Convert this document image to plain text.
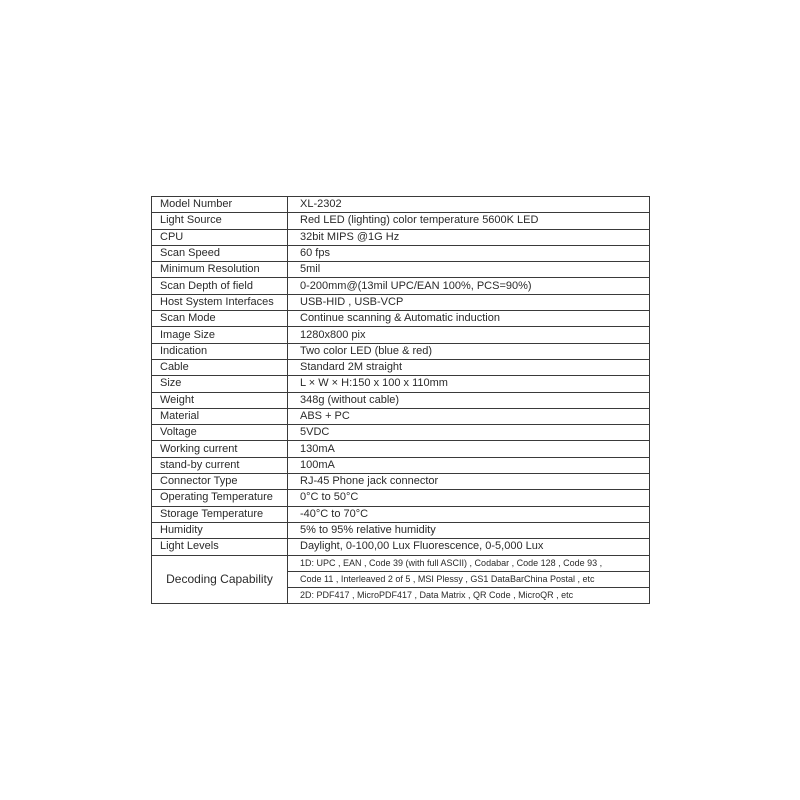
Model Number	XL-2302
Light Source	Red LED (lighting) color temperature 5600K LED
CPU	32bit MIPS @1G Hz
Scan Speed	60 fps
Minimum Resolution	5mil
Scan Depth of field	0-200mm@(13mil UPC/EAN 100%, PCS=90%)
Host System Interfaces	USB-HID , USB-VCP
Scan Mode	Continue scanning & Automatic induction
Image Size	1280x800 pix
Indication	Two color LED (blue & red)
Cable	Standard 2M straight
Size	L × W × H:150 x 100 x 110mm
Weight	348g (without cable)
Material	ABS + PC
Voltage	5VDC
Working current	130mA
stand-by current	100mA
Connector Type	RJ-45 Phone jack connector
Operating Temperature	0°C to 50°C
Storage Temperature	-40°C to 70°C
Humidity	5% to 95% relative humidity
Light Levels	Daylight, 0-100,00 Lux Fluorescence, 0-5,000 Lux
Decoding Capability	1D: UPC , EAN , Code 39 (with full ASCII) , Codabar , Code 128 , Code 93 ,
	Code 11 , Interleaved 2 of 5 , MSI Plessy , GS1 DataBarChina Postal , etc
	2D: PDF417 , MicroPDF417 , Data Matrix , QR Code , MicroQR , etc
